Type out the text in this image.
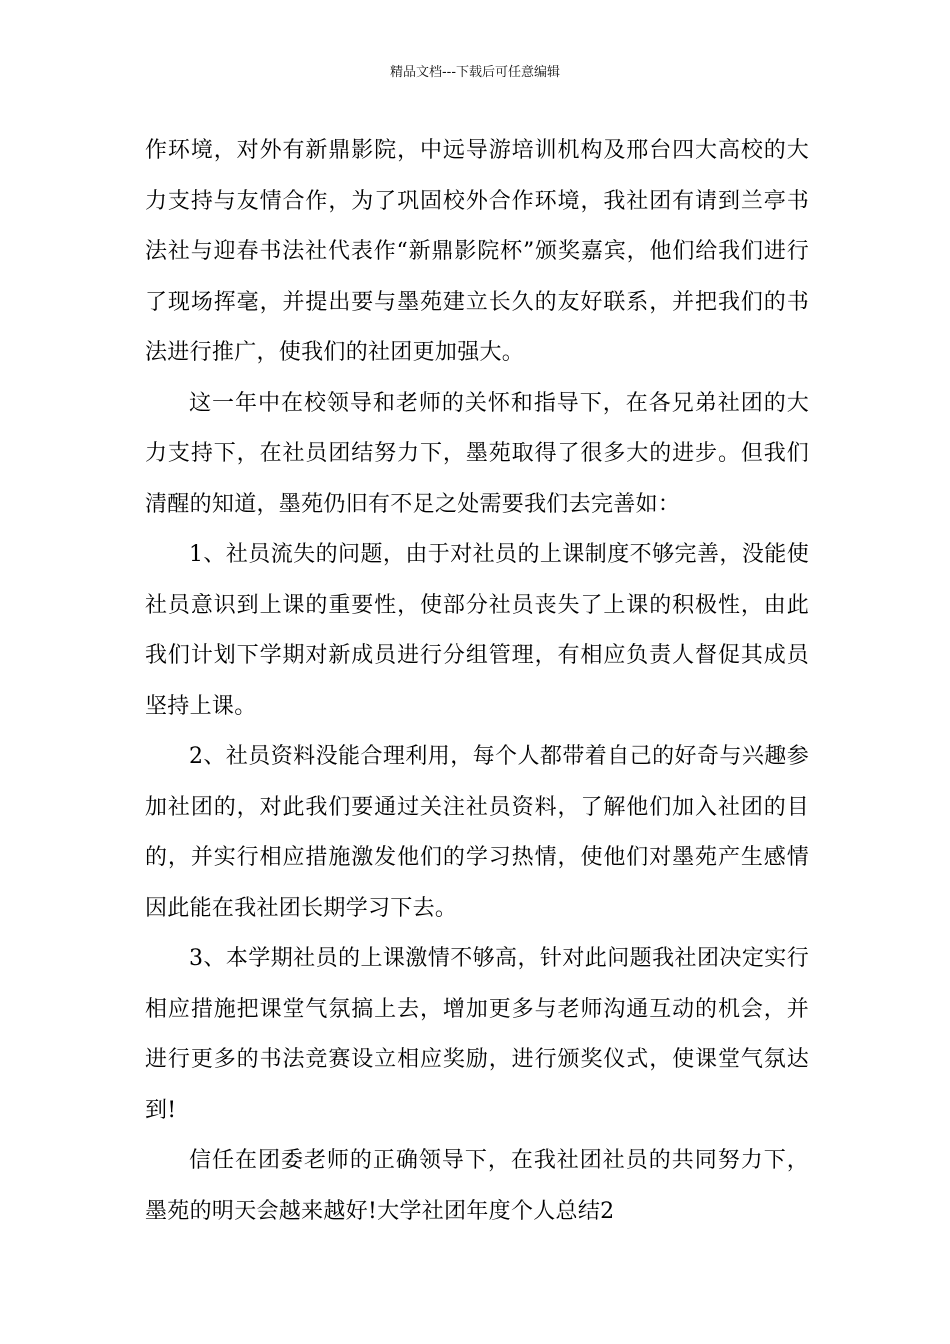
精品文档---下载后可任意编辑

作环境，对外有新鼎影院，中远导游培训机构及邢台四大高校的大力支持与友情合作，为了巩固校外合作环境，我社团有请到兰亭书法社与迎春书法社代表作“新鼎影院杯”颁奖嘉宾，他们给我们进行了现场挥毫，并提出要与墨苑建立长久的友好联系，并把我们的书法进行推广，使我们的社团更加强大。

这一年中在校领导和老师的关怀和指导下，在各兄弟社团的大力支持下，在社员团结努力下，墨苑取得了很多大的进步。但我们清醒的知道，墨苑仍旧有不足之处需要我们去完善如：

1、社员流失的问题，由于对社员的上课制度不够完善，没能使社员意识到上课的重要性，使部分社员丧失了上课的积极性，由此我们计划下学期对新成员进行分组管理，有相应负责人督促其成员坚持上课。

2、社员资料没能合理利用，每个人都带着自己的好奇与兴趣参加社团的，对此我们要通过关注社员资料，了解他们加入社团的目的，并实行相应措施激发他们的学习热情，使他们对墨苑产生感情因此能在我社团长期学习下去。

3、本学期社员的上课激情不够高，针对此问题我社团决定实行相应措施把课堂气氛搞上去，增加更多与老师沟通互动的机会，并进行更多的书法竞赛设立相应奖励，进行颁奖仪式，使课堂气氛达到!

信任在团委老师的正确领导下，在我社团社员的共同努力下，墨苑的明天会越来越好!大学社团年度个人总结2
